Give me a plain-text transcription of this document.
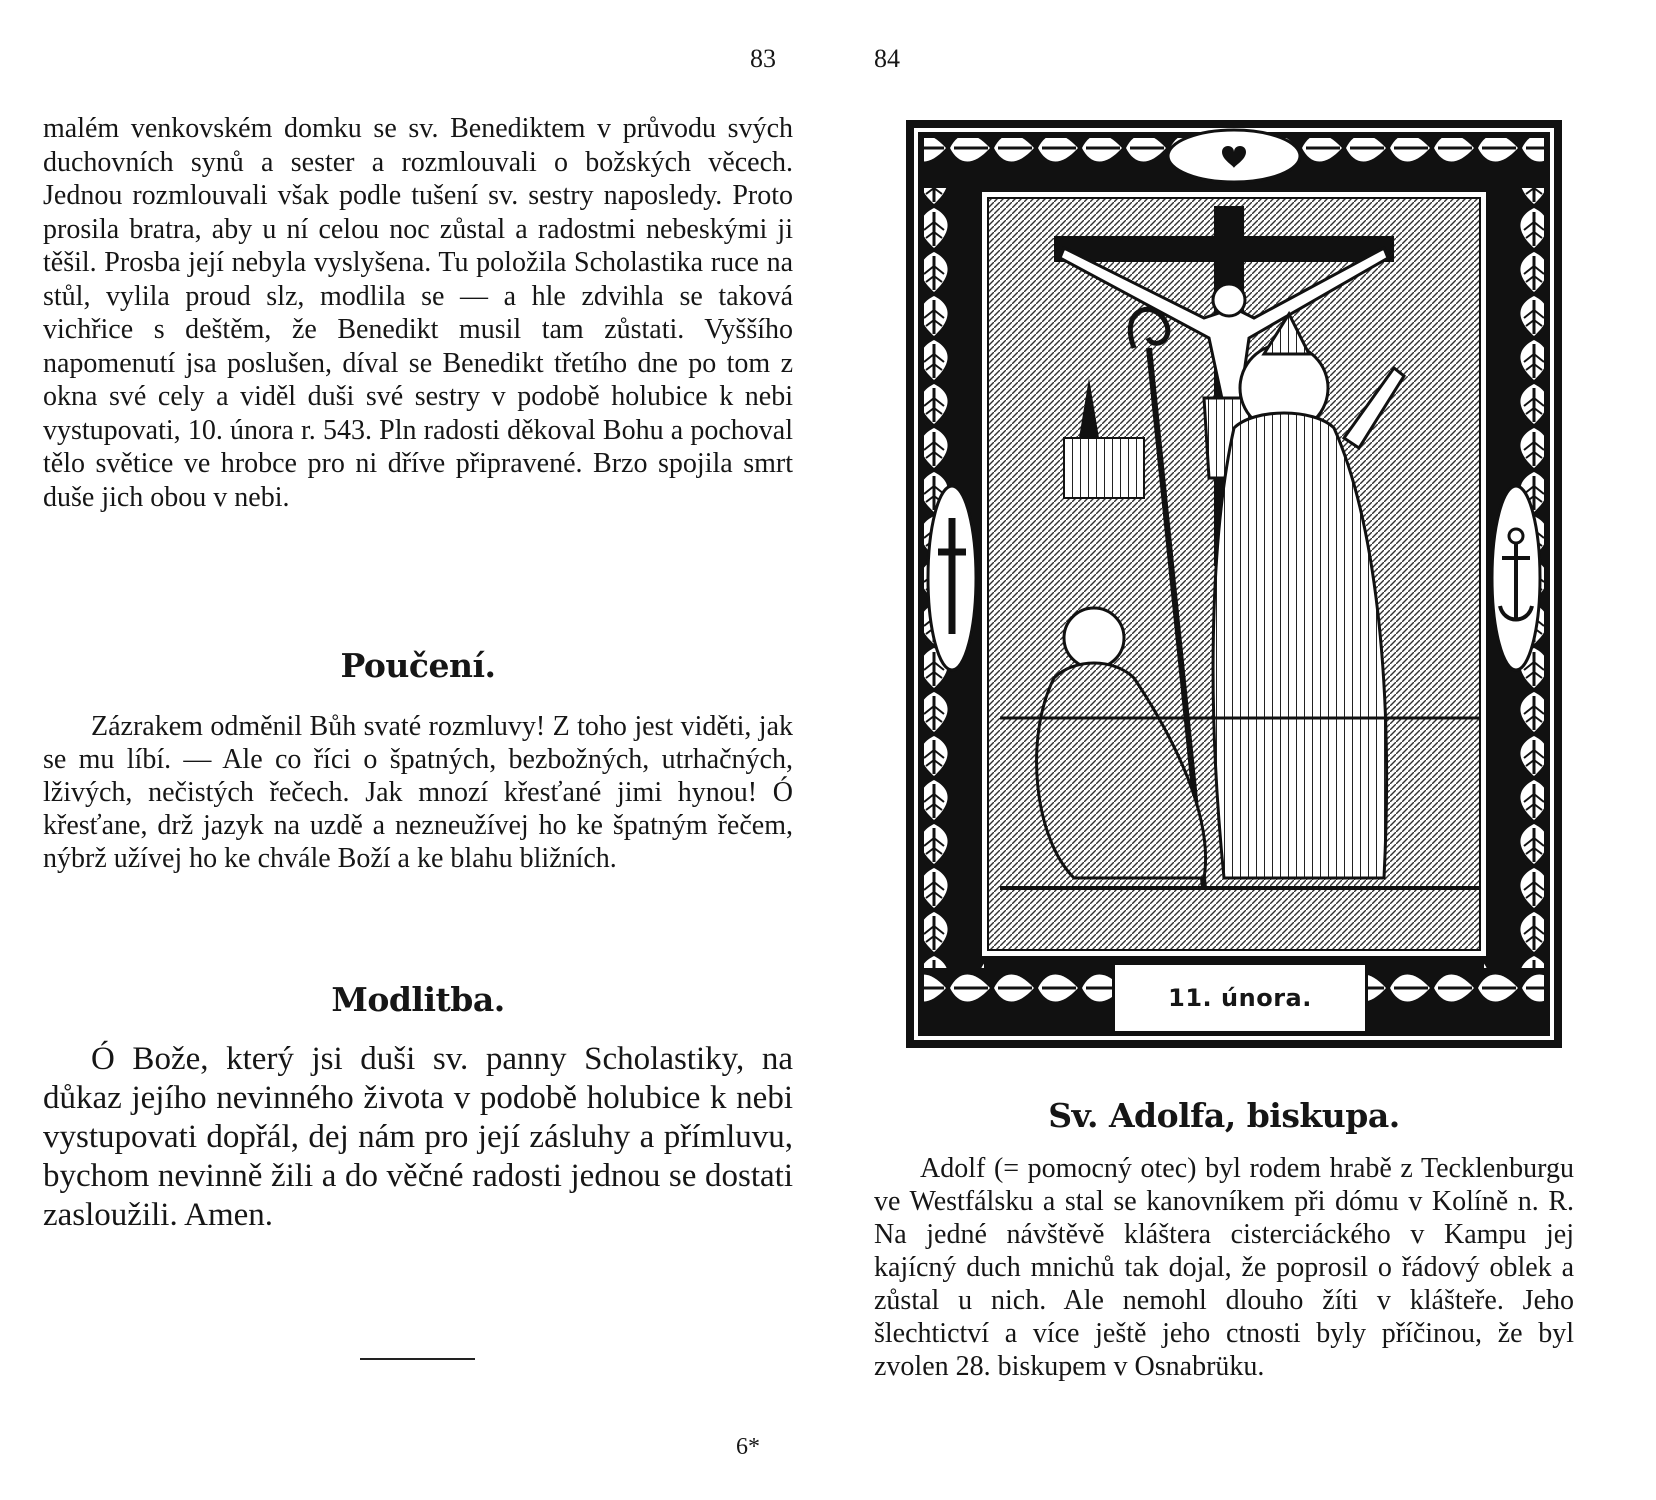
83

malém venkovském domku se sv. Benediktem v průvodu svých duchovních synů a sester a rozmlouvali o božských věcech. Jednou rozmlouvali však podle tušení sv. sestry naposledy. Proto prosila bratra, aby u ní celou noc zůstal a radostmi nebeskými ji těšil. Prosba její nebyla vyslyšena. Tu položila Scholastika ruce na stůl, vylila proud slz, modlila se — a hle zdvihla se taková vichřice s deštěm, že Benedikt musil tam zůstati. Vyššího napomenutí jsa poslušen, díval se Benedikt třetího dne po tom z okna své cely a viděl duši své sestry v podobě holubice k nebi vystupovati, 10. února r. 543. Pln radosti děkoval Bohu a pochoval tělo světice ve hrobce pro ni dříve připravené. Brzo spojila smrt duše jich obou v nebi.

Poučení.

Zázrakem odměnil Bůh svaté rozmluvy! Z toho jest viděti, jak se mu líbí. — Ale co říci o špatných, bezbožných, utrhačných, lživých, nečistých řečech. Jak mnozí křesťané jimi hynou! Ó křesťane, drž jazyk na uzdě a nezneužívej ho ke špatným řečem, nýbrž užívej ho ke chvále Boží a ke blahu bližních.

Modlitba.

Ó Bože, který jsi duši sv. panny Scholastiky, na důkaz jejího nevinného života v podobě holubice k nebi vystupovati dopřál, dej nám pro její zásluhy a přímluvu, bychom nevinně žili a do věčné radosti jednou se dostati zasloužili. Amen.

6*
84
11. února.
Sv. Adolfa, biskupa.

Adolf (= pomocný otec) byl rodem hrabě z Tecklenburgu ve Westfálsku a stal se kanovníkem při dómu v Kolíně n. R. Na jedné návštěvě kláštera cisterciáckého v Kampu jej kajícný duch mnichů tak dojal, že poprosil o řádový oblek a zůstal u nich. Ale nemohl dlouho žíti v klášteře. Jeho šlechtictví a více ještě jeho ctnosti byly příčinou, že byl zvolen 28. biskupem v Osnabrüku.
